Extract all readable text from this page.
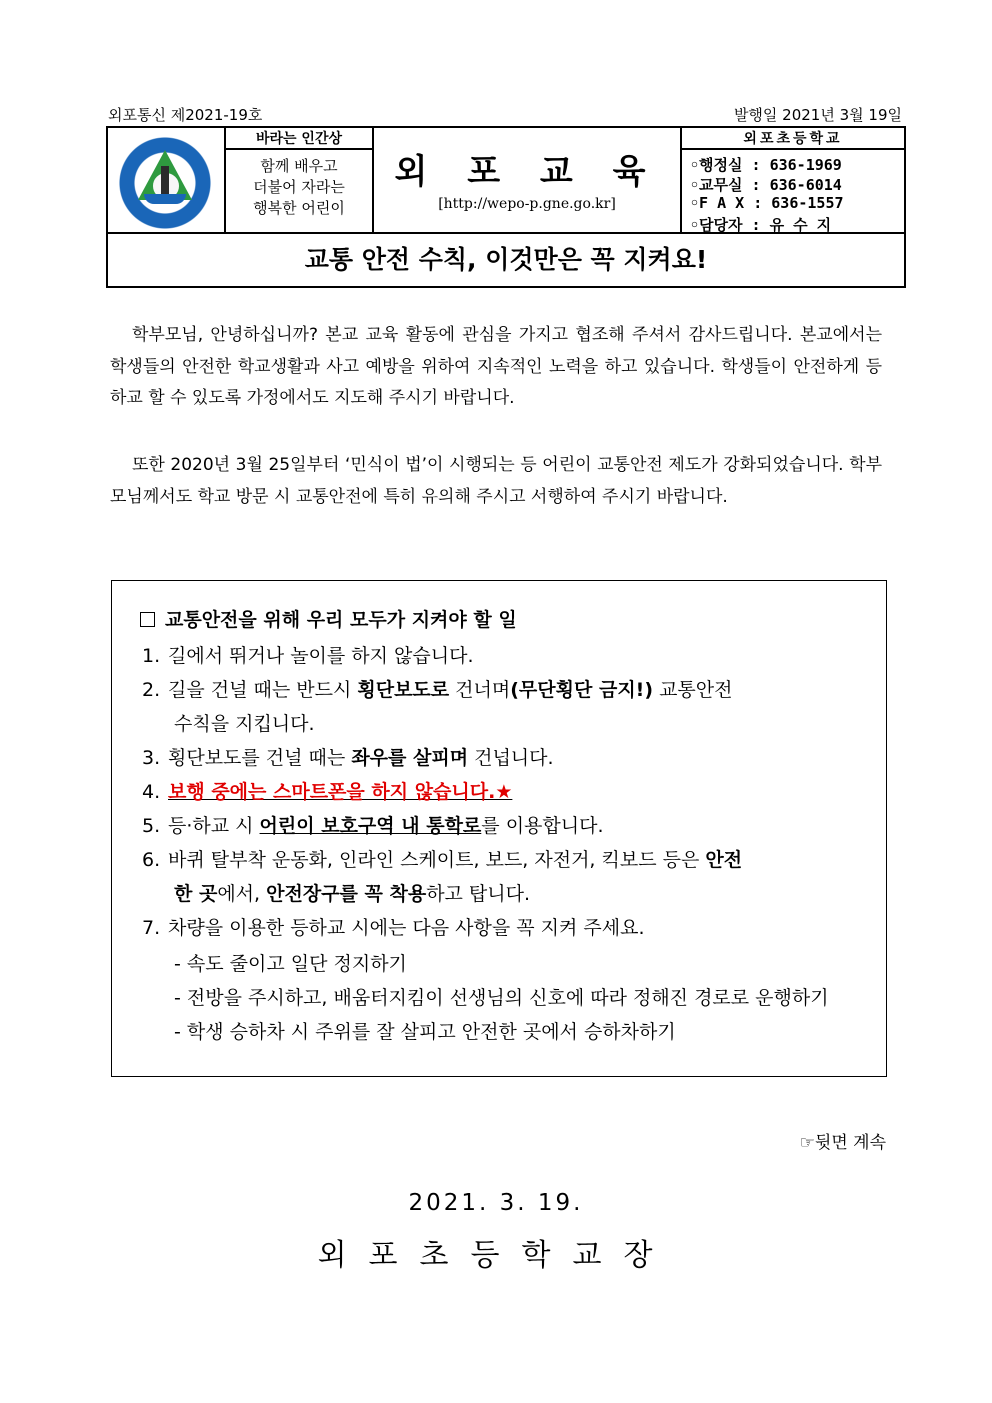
외포통신 제2021-19호	발행일 2021년 3월 19일
바라는 인간상
함께 배우고
더불어 자라는
행복한 어린이
외 포 교 육
[http://wepo-p.gne.go.kr]
외포초등학교
◦행정실 : 636-1969
◦교무실 : 636-6014
◦F A X : 636-1557
◦담당자 : 유 수 지
교통 안전 수칙, 이것만은 꼭 지켜요!
학부모님, 안녕하십니까? 본교 교육 활동에 관심을 가지고 협조해 주셔서 감사드립니다. 본교에서는 학생들의 안전한 학교생활과 사고 예방을 위하여 지속적인 노력을 하고 있습니다. 학생들이 안전하게 등하교 할 수 있도록 가정에서도 지도해 주시기 바랍니다.
또한 2020년 3월 25일부터 ‘민식이 법’이 시행되는 등 어린이 교통안전 제도가 강화되었습니다. 학부모님께서도 학교 방문 시 교통안전에 특히 유의해 주시고 서행하여 주시기 바랍니다.
교통안전을 위해 우리 모두가 지켜야 할 일
1. 길에서 뛰거나 놀이를 하지 않습니다.
2. 길을 건널 때는 반드시 횡단보도로 건너며(무단횡단 금지!) 교통안전
수칙을 지킵니다.
3. 횡단보도를 건널 때는 좌우를 살피며 건넙니다.
4. 보행 중에는 스마트폰을 하지 않습니다.★
5. 등·하교 시 어린이 보호구역 내 통학로를 이용합니다.
6. 바퀴 탈부착 운동화, 인라인 스케이트, 보드, 자전거, 킥보드 등은 안전
한 곳에서, 안전장구를 꼭 착용하고 탑니다.
7. 차량을 이용한 등하교 시에는 다음 사항을 꼭 지켜 주세요.
- 속도 줄이고 일단 정지하기
- 전방을 주시하고, 배움터지킴이 선생님의 신호에 따라 정해진 경로로 운행하기
- 학생 승하차 시 주위를 잘 살피고 안전한 곳에서 승하차하기
☞뒷면 계속
2021. 3. 19.
외포초등학교장
